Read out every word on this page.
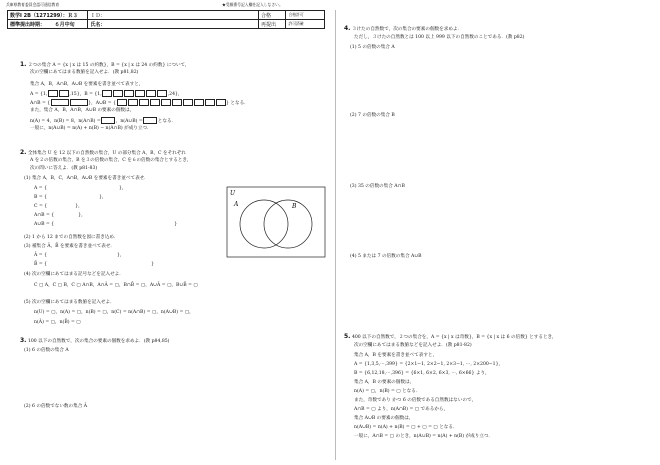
兵庫県教育委員会認可通信教育	★受験番号記入欄を記入しなさい。
数学Ⅰ 2B（1271299）：Ｒ３	ＩＤ：	合格	合格許可
標準提出時期： ６月中旬	氏名：	再提出	許可済確
1. ２つの集合 A = {x | x は 15 の約数}，B = {x | x は 24 の約数} について，
次の空欄にあてはまる数値を記入せよ．(教 p81,82)
集合 A，B，A∩B，A∪B を要素を書き並べて表すと，
A = {1,	,15}，B = {1,	,24}，
A∩B = {	}，A∪B = {	} となる．
また，集合 A，B，A∩B，A∪B の要素の個数は，
n(A) = 4，n(B) = 8，n(A∩B) =	，n(A∪B) =	となる．
一般に，n(A∪B) = n(A) + n(B) − n(A∩B) が成り立つ．
2. 全体集合 U を 12 以下の自然数の集合，U の部分集合 A，B，C をそれぞれ
A を２の倍数の集合，B を３の倍数の集合，C を６の倍数の集合とするとき，
次の問いに答えよ．(教 p81-83)
(1) 集合 A，B，C，A∩B，A∪B を要素を書き並べて表せ．
A = {	}，
B = {	}，
C = {	}，
A∩B = {	}，
A∪B = {	}
U
A	B
(2) 1 から 12 までの自然数を図に書き込め．
(3) 補集合 Ā，B̄ を要素を書き並べて表せ．
Ā = {	}，
B̄ = {	}
(4) 次の空欄にあてはまる記号などを記入せよ．
C ▢ A，C ▢ B，C ▢ A∩B，A∩Ā = ▢，B∩B̄ = ▢，A∪Ā = ▢，B∪B̄ = ▢
(5) 次の空欄にあてはまる数値を記入せよ．
n(U) = ▢，n(A) = ▢，n(B) = ▢，n(C) = n(A∩B) = ▢，n(A∪B) = ▢，
n(Ā) = ▢，n(B̄) = ▢
3. 100 以下の自然数で，次の集合の要素の個数を求めよ．(教 p84,85)
(1) 6 の倍数の集合 A
(2) 6 の倍数でない数の集合 Ā
4. ３けたの自然数で，次の集合の要素の個数を求めよ．
ただし，３けたの自然数とは 100 以上 999 以下の自然数のことである．(教 p82)
(1) 5 の倍数の集合 A
(2) 7 の倍数の集合 B
(3) 35 の倍数の集合 A∩B
(4) 5 または 7 の倍数の集合 A∪B
5. 400 以下の自然数で，２つの集合を，A = {x | x は奇数}，B = {x | x は 6 の倍数} とするとき，
次の空欄にあてはまる数値などを記入せよ．(教 p81-82)
集合 A，B を要素を書き並べて表すと，
A = {1,3,5,⋯,399} = {2×1−1, 2×2−1, 2×3−1, ⋯, 2×200−1}，
B = {6,12,18,⋯,396} = {6×1, 6×2, 6×3, ⋯, 6×66} より，
集合 A，B の要素の個数は，
n(A) = ▢，n(B) = ▢ となる．
また，奇数であり かつ 6 の倍数である自然数はないので，
A∩B = ▢ より，n(A∩B) = ▢ であるから，
集合 A∪B の要素の個数は，
n(A∪B) = n(A) + n(B) = ▢ + ▢ = ▢ となる．
一般に，A∩B = ▢ のとき，n(A∪B) = n(A) + n(B) が成り立つ．
